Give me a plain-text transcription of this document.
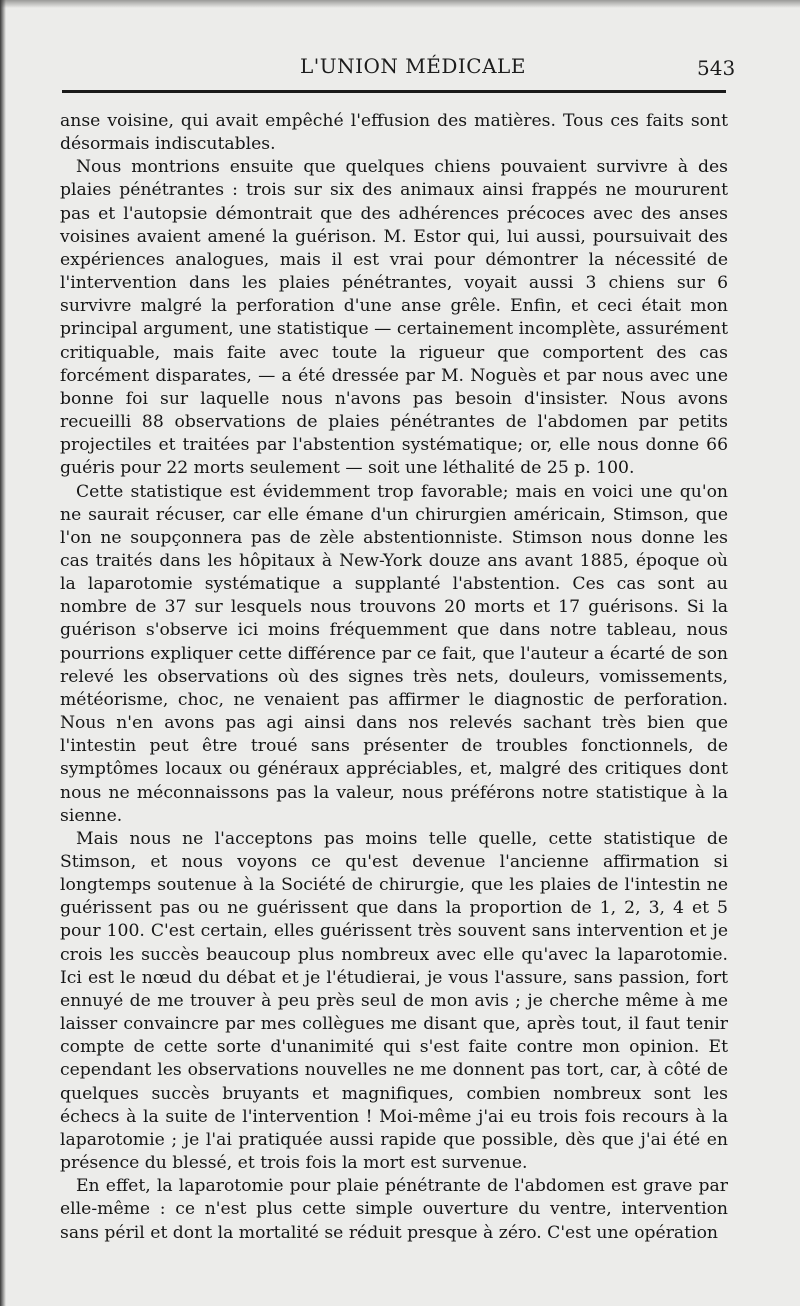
L'UNION MÉDICALE	543

anse voisine, qui avait empêché l'effusion des matières. Tous ces faits sont désormais indiscutables.

Nous montrions ensuite que quelques chiens pouvaient survivre à des plaies pénétrantes : trois sur six des animaux ainsi frappés ne moururent pas et l'autopsie démontrait que des adhérences précoces avec des anses voisines avaient amené la guérison. M. Estor qui, lui aussi, poursuivait des expériences analogues, mais il est vrai pour démontrer la nécessité de l'intervention dans les plaies pénétrantes, voyait aussi 3 chiens sur 6 survivre malgré la perforation d'une anse grêle. Enfin, et ceci était mon principal argument, une statistique — certainement incomplète, assurément critiquable, mais faite avec toute la rigueur que comportent des cas forcément disparates, — a été dressée par M. Noguès et par nous avec une bonne foi sur laquelle nous n'avons pas besoin d'insister. Nous avons recueilli 88 observations de plaies pénétrantes de l'abdomen par petits projectiles et traitées par l'abstention systématique; or, elle nous donne 66 guéris pour 22 morts seulement — soit une léthalité de 25 p. 100.

Cette statistique est évidemment trop favorable; mais en voici une qu'on ne saurait récuser, car elle émane d'un chirurgien américain, Stimson, que l'on ne soupçonnera pas de zèle abstentionniste. Stimson nous donne les cas traités dans les hôpitaux à New-York douze ans avant 1885, époque où la laparotomie systématique a supplanté l'abstention. Ces cas sont au nombre de 37 sur lesquels nous trouvons 20 morts et 17 guérisons. Si la guérison s'observe ici moins fréquemment que dans notre tableau, nous pourrions expliquer cette différence par ce fait, que l'auteur a écarté de son relevé les observations où des signes très nets, douleurs, vomissements, météorisme, choc, ne venaient pas affirmer le diagnostic de perforation. Nous n'en avons pas agi ainsi dans nos relevés sachant très bien que l'intestin peut être troué sans présenter de troubles fonctionnels, de symptômes locaux ou généraux appréciables, et, malgré des critiques dont nous ne méconnaissons pas la valeur, nous préférons notre statistique à la sienne.

Mais nous ne l'acceptons pas moins telle quelle, cette statistique de Stimson, et nous voyons ce qu'est devenue l'ancienne affirmation si longtemps soutenue à la Société de chirurgie, que les plaies de l'intestin ne guérissent pas ou ne guérissent que dans la proportion de 1, 2, 3, 4 et 5 pour 100. C'est certain, elles guérissent très souvent sans intervention et je crois les succès beaucoup plus nombreux avec elle qu'avec la laparotomie. Ici est le nœud du débat et je l'étudierai, je vous l'assure, sans passion, fort ennuyé de me trouver à peu près seul de mon avis ; je cherche même à me laisser convaincre par mes collègues me disant que, après tout, il faut tenir compte de cette sorte d'unanimité qui s'est faite contre mon opinion. Et cependant les observations nouvelles ne me donnent pas tort, car, à côté de quelques succès bruyants et magnifiques, combien nombreux sont les échecs à la suite de l'intervention ! Moi-même j'ai eu trois fois recours à la laparotomie ; je l'ai pratiquée aussi rapide que possible, dès que j'ai été en présence du blessé, et trois fois la mort est survenue.

En effet, la laparotomie pour plaie pénétrante de l'abdomen est grave par elle-même : ce n'est plus cette simple ouverture du ventre, intervention sans péril et dont la mortalité se réduit presque à zéro. C'est une opération
